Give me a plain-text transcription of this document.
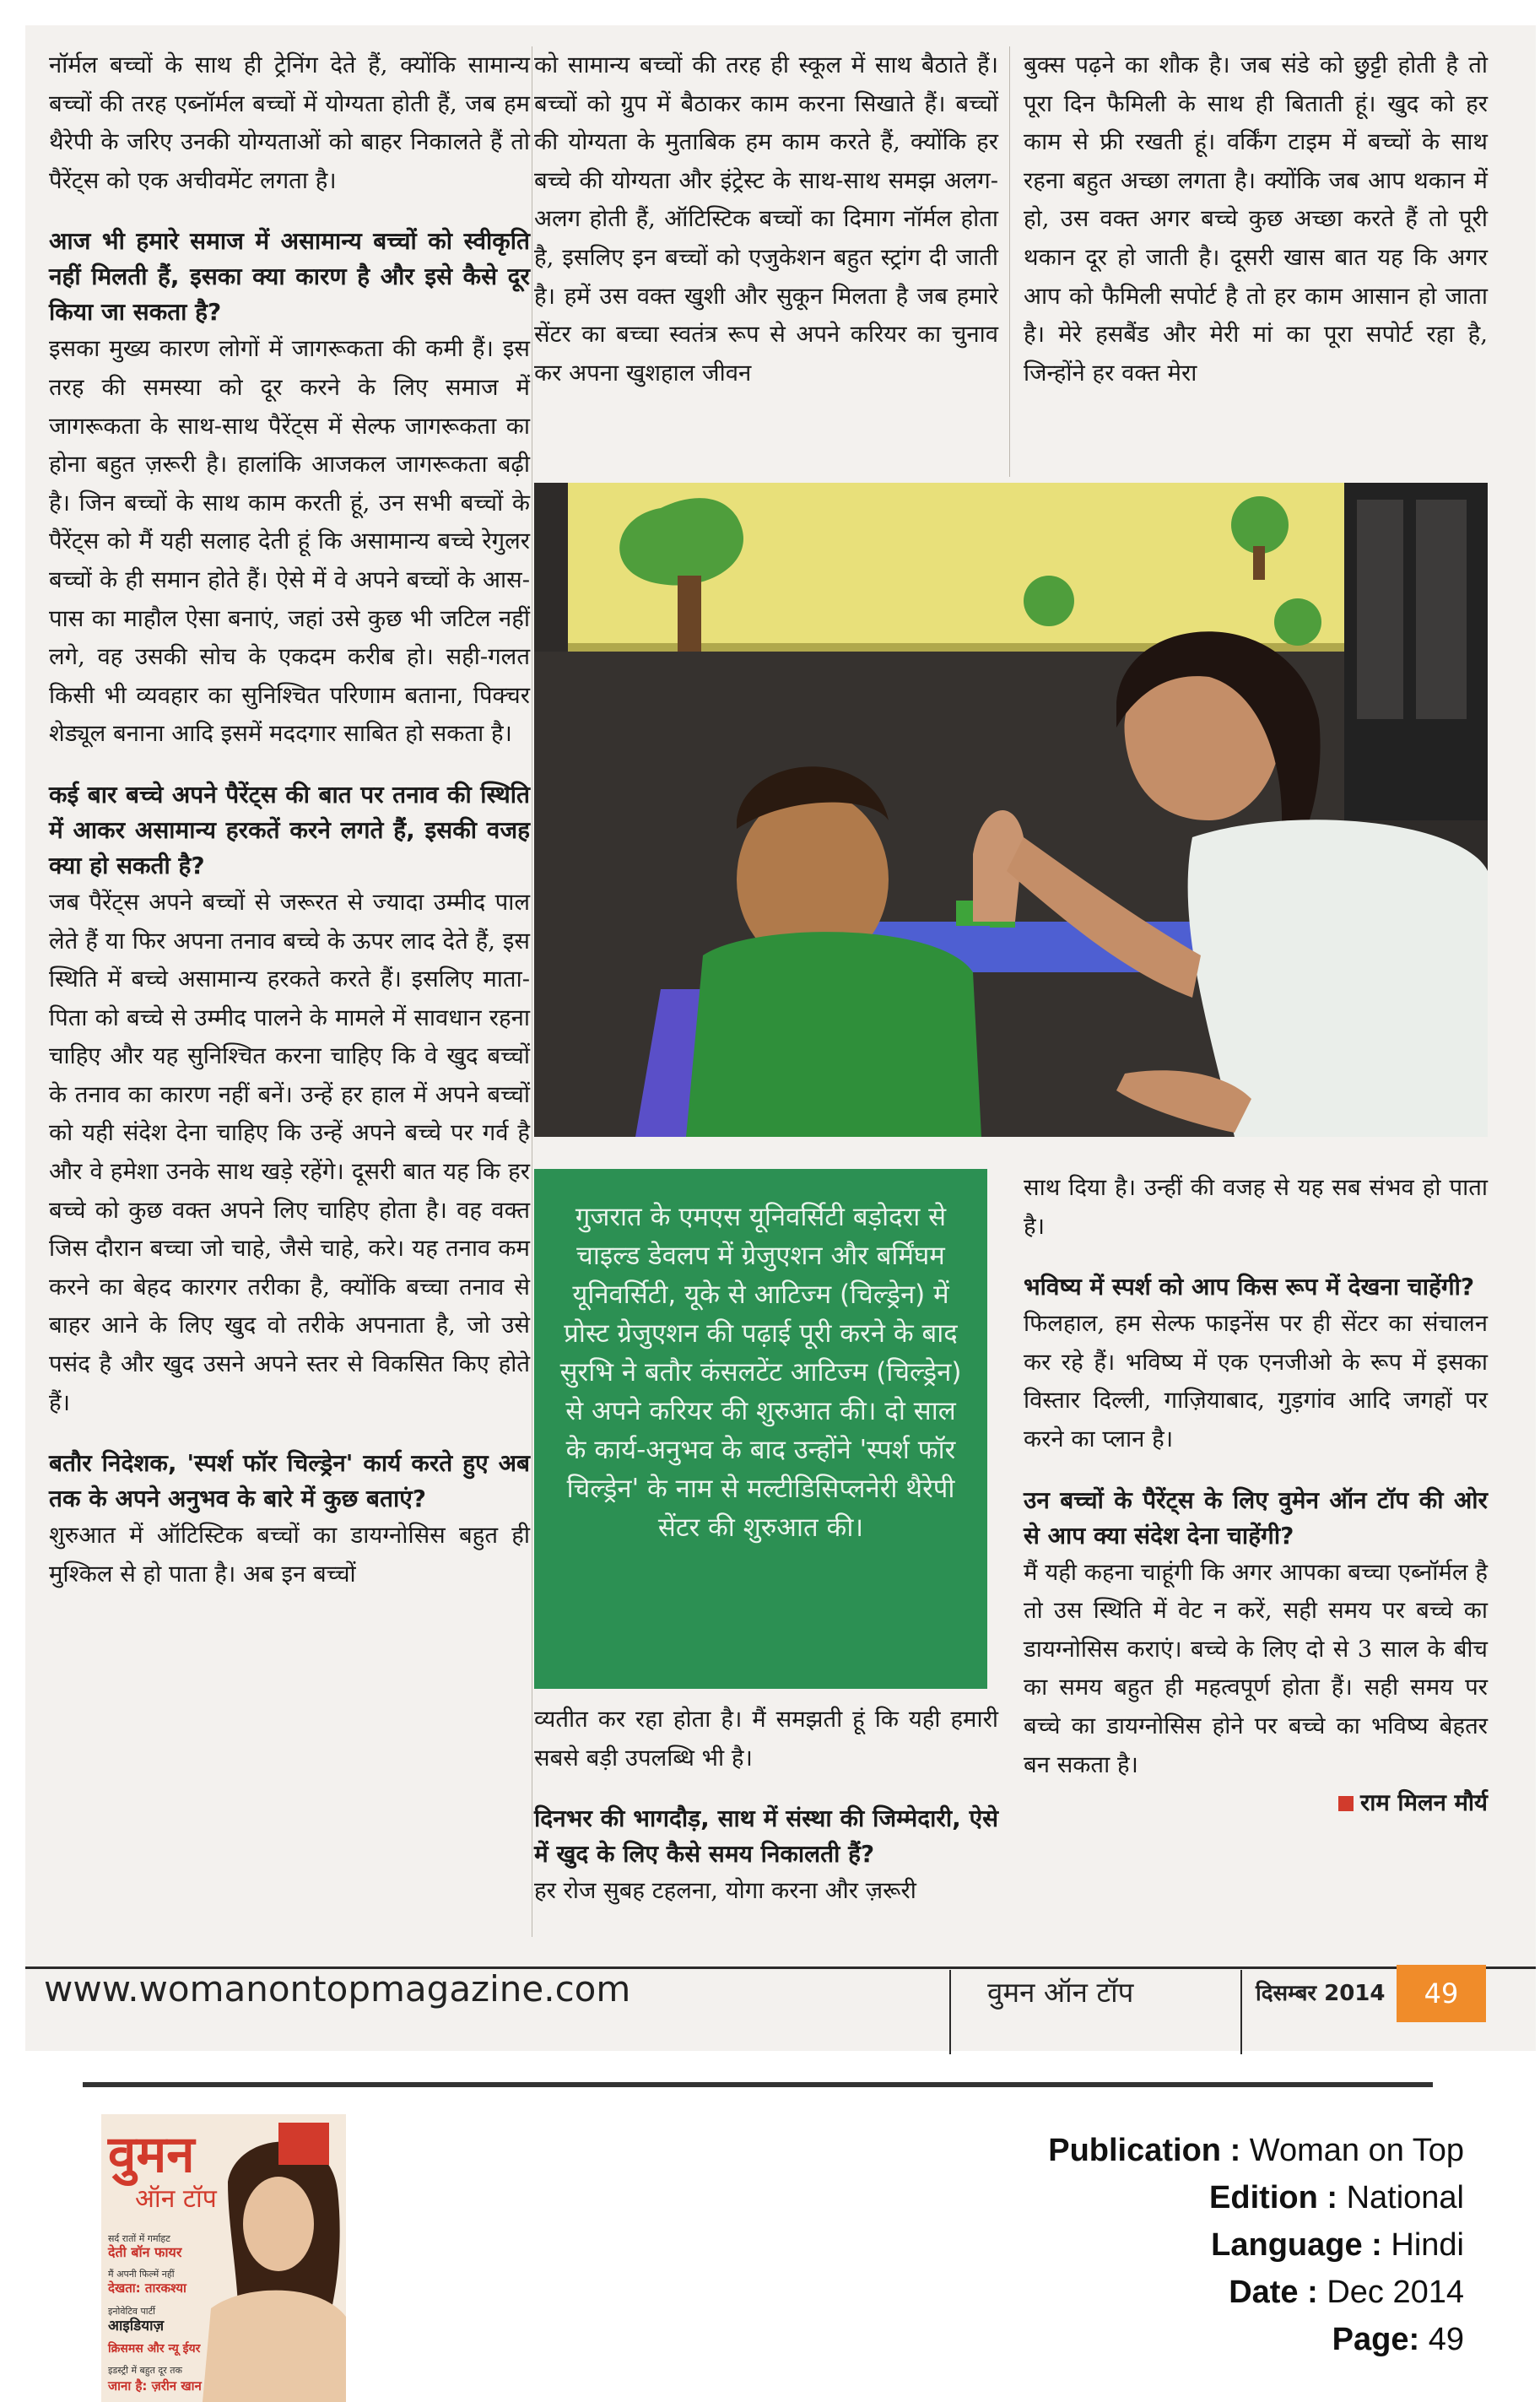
नॉर्मल बच्चों के साथ ही ट्रेनिंग देते हैं, क्योंकि सामान्य बच्चों की तरह एब्नॉर्मल बच्चों में योग्यता होती हैं, जब हम थैरेपी के जरिए उनकी योग्यताओं को बाहर निकालते हैं तो पैरेंट्स को एक अचीवमेंट लगता है।

आज भी हमारे समाज में असामान्य बच्चों को स्वीकृति नहीं मिलती हैं, इसका क्या कारण है और इसे कैसे दूर किया जा सकता है?

इसका मुख्य कारण लोगों में जागरूकता की कमी हैं। इस तरह की समस्या को दूर करने के लिए समाज में जागरूकता के साथ-साथ पैरेंट्स में सेल्फ जागरूकता का होना बहुत ज़रूरी है। हालांकि आजकल जागरूकता बढ़ी है। जिन बच्चों के साथ काम करती हूं, उन सभी बच्चों के पैरेंट्स को मैं यही सलाह देती हूं कि असामान्य बच्चे रेगुलर बच्चों के ही समान होते हैं। ऐसे में वे अपने बच्चों के आस-पास का माहौल ऐसा बनाएं, जहां उसे कुछ भी जटिल नहीं लगे, वह उसकी सोच के एकदम करीब हो। सही-गलत किसी भी व्यवहार का सुनिश्चित परिणाम बताना, पिक्चर शेड्यूल बनाना आदि इसमें मददगार साबित हो सकता है।

कई बार बच्चे अपने पैरेंट्स की बात पर तनाव की स्थिति में आकर असामान्य हरकतें करने लगते हैं, इसकी वजह क्या हो सकती है?

जब पैरेंट्स अपने बच्चों से जरूरत से ज्यादा उम्मीद पाल लेते हैं या फिर अपना तनाव बच्चे के ऊपर लाद देते हैं, इस स्थिति में बच्चे असामान्य हरकते करते हैं। इसलिए माता-पिता को बच्चे से उम्मीद पालने के मामले में सावधान रहना चाहिए और यह सुनिश्चित करना चाहिए कि वे खुद बच्चों के तनाव का कारण नहीं बनें। उन्हें हर हाल में अपने बच्चों को यही संदेश देना चाहिए कि उन्हें अपने बच्चे पर गर्व है और वे हमेशा उनके साथ खड़े रहेंगे। दूसरी बात यह कि हर बच्चे को कुछ वक्त अपने लिए चाहिए होता है। वह वक्त जिस दौरान बच्चा जो चाहे, जैसे चाहे, करे। यह तनाव कम करने का बेहद कारगर तरीका है, क्योंकि बच्चा तनाव से बाहर आने के लिए खुद वो तरीके अपनाता है, जो उसे पसंद है और खुद उसने अपने स्तर से विकसित किए होते हैं।

बतौर निदेशक, 'स्पर्श फॉर चिल्ड्रेन' कार्य करते हुए अब तक के अपने अनुभव के बारे में कुछ बताएं?

शुरुआत में ऑटिस्टिक बच्चों का डायग्नोसिस बहुत ही मुश्किल से हो पाता है। अब इन बच्चों

को सामान्य बच्चों की तरह ही स्कूल में साथ बैठाते हैं। बच्चों को ग्रुप में बैठाकर काम करना सिखाते हैं। बच्चों की योग्यता के मुताबिक हम काम करते हैं, क्योंकि हर बच्चे की योग्यता और इंट्रेस्ट के साथ-साथ समझ अलग-अलग होती हैं, ऑटिस्टिक बच्चों का दिमाग नॉर्मल होता है, इसलिए इन बच्चों को एजुकेशन बहुत स्ट्रांग दी जाती है। हमें उस वक्त खुशी और सुकून मिलता है जब हमारे सेंटर का बच्चा स्वतंत्र रूप से अपने करियर का चुनाव कर अपना खुशहाल जीवन

बुक्स पढ़ने का शौक है। जब संडे को छुट्टी होती है तो पूरा दिन फैमिली के साथ ही बिताती हूं। खुद को हर काम से फ्री रखती हूं। वर्किंग टाइम में बच्चों के साथ रहना बहुत अच्छा लगता है। क्योंकि जब आप थकान में हो, उस वक्त अगर बच्चे कुछ अच्छा करते हैं तो पूरी थकान दूर हो जाती है। दूसरी खास बात यह कि अगर आप को फैमिली सपोर्ट है तो हर काम आसान हो जाता है। मेरे हसबैंड और मेरी मां का पूरा सपोर्ट रहा है, जिन्होंने हर वक्त मेरा

गुजरात के एमएस यूनिवर्सिटी बड़ोदरा से चाइल्ड डेवलप में ग्रेजुएशन और बर्मिंघम यूनिवर्सिटी, यूके से आटिज्म (चिल्ड्रेन) में प्रोस्ट ग्रेजुएशन की पढ़ाई पूरी करने के बाद सुरभि ने बतौर कंसलटेंट आटिज्म (चिल्ड्रेन) से अपने करियर की शुरुआत की। दो साल के कार्य-अनुभव के बाद उन्होंने 'स्पर्श फॉर चिल्ड्रेन' के नाम से मल्टीडिसिप्लनेरी थैरेपी सेंटर की शुरुआत की।

व्यतीत कर रहा होता है। मैं समझती हूं कि यही हमारी सबसे बड़ी उपलब्धि भी है।

दिनभर की भागदौड़, साथ में संस्था की जिम्मेदारी, ऐसे में खुद के लिए कैसे समय निकालती हैं?

हर रोज सुबह टहलना, योगा करना और ज़रूरी

साथ दिया है। उन्हीं की वजह से यह सब संभव हो पाता है।

भविष्य में स्पर्श को आप किस रूप में देखना चाहेंगी?

फिलहाल, हम सेल्फ फाइनेंस पर ही सेंटर का संचालन कर रहे हैं। भविष्य में एक एनजीओ के रूप में इसका विस्तार दिल्ली, गाज़ियाबाद, गुड़गांव आदि जगहों पर करने का प्लान है।

उन बच्चों के पैरेंट्स के लिए वुमेन ऑन टॉप की ओर से आप क्या संदेश देना चाहेंगी?

मैं यही कहना चाहूंगी कि अगर आपका बच्चा एब्नॉर्मल है तो उस स्थिति में वेट न करें, सही समय पर बच्चे का डायग्नोसिस कराएं। बच्चे के लिए दो से 3 साल के बीच का समय बहुत ही महत्वपूर्ण होता हैं। सही समय पर बच्चे का डायग्नोसिस होने पर बच्चे का भविष्य बेहतर बन सकता है।

राम मिलन मौर्य

www.womanontopmagazine.com	वुमन ऑन टॉप	दिसम्बर 2014	49
वुमन
ऑन टॉप
सर्द रातों में गर्माहट
देती बॉन फायर
मैं अपनी फिल्में नहीं
देखता: तारकश्या
इनोवेटिव पार्टी
आइडियाज़
क्रिसमस और न्यू ईयर
इडस्ट्री में बहुत दूर तक
जाना है: ज़रीन खान
Publication : Woman on Top
Edition : National
Language : Hindi
Date : Dec 2014
Page: 49
